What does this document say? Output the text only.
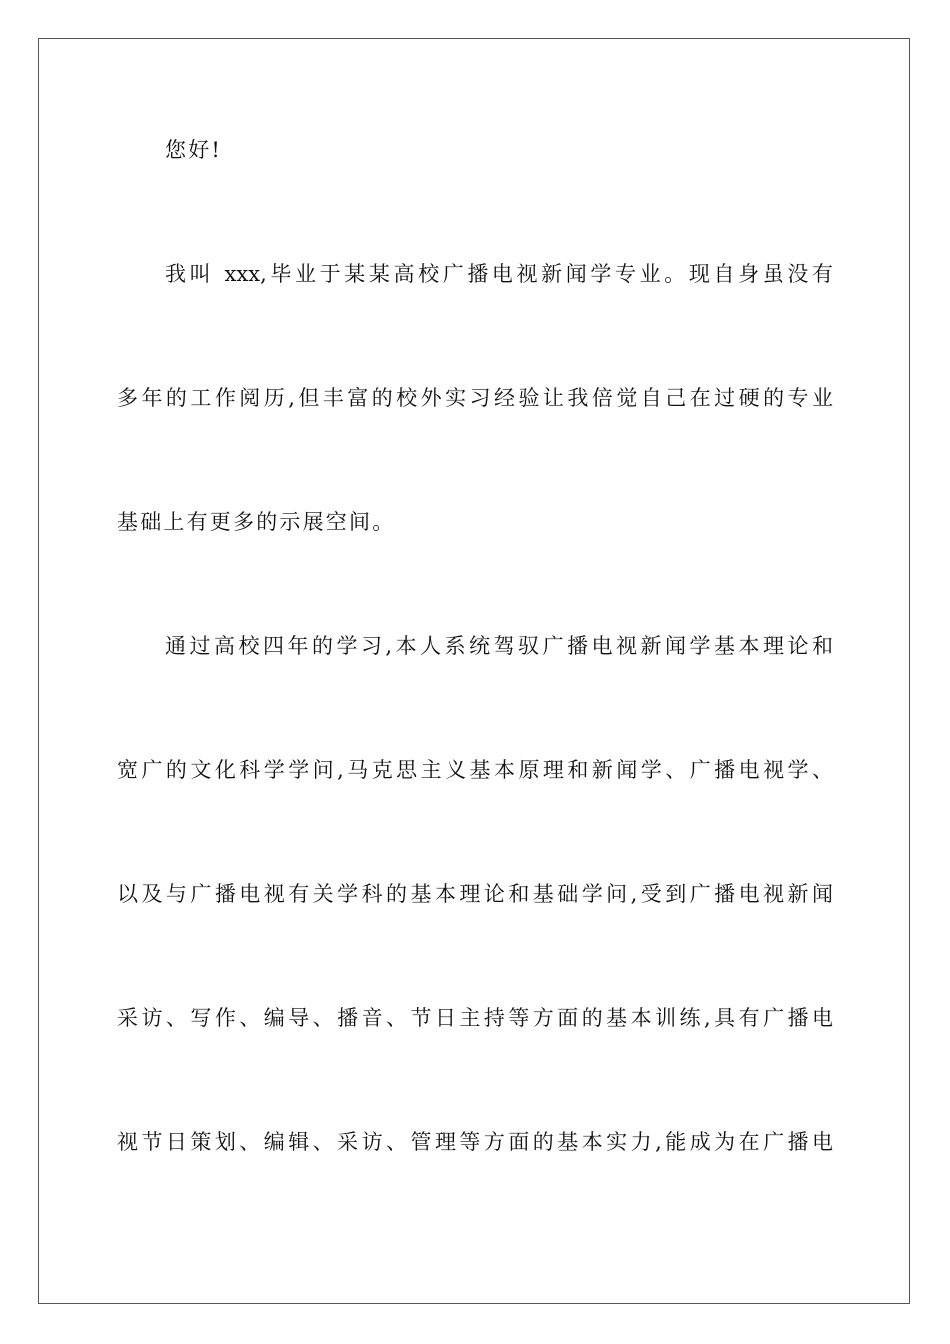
您好!
我叫 xxx,毕业于某某高校广播电视新闻学专业。现自身虽没有
多年的工作阅历,但丰富的校外实习经验让我倍觉自己在过硬的专业
基础上有更多的示展空间。
通过高校四年的学习,本人系统驾驭广播电视新闻学基本理论和
宽广的文化科学学问,马克思主义基本原理和新闻学、广播电视学、
以及与广播电视有关学科的基本理论和基础学问,受到广播电视新闻
采访、写作、编导、播音、节日主持等方面的基本训练,具有广播电
视节日策划、编辑、采访、管理等方面的基本实力,能成为在广播电
